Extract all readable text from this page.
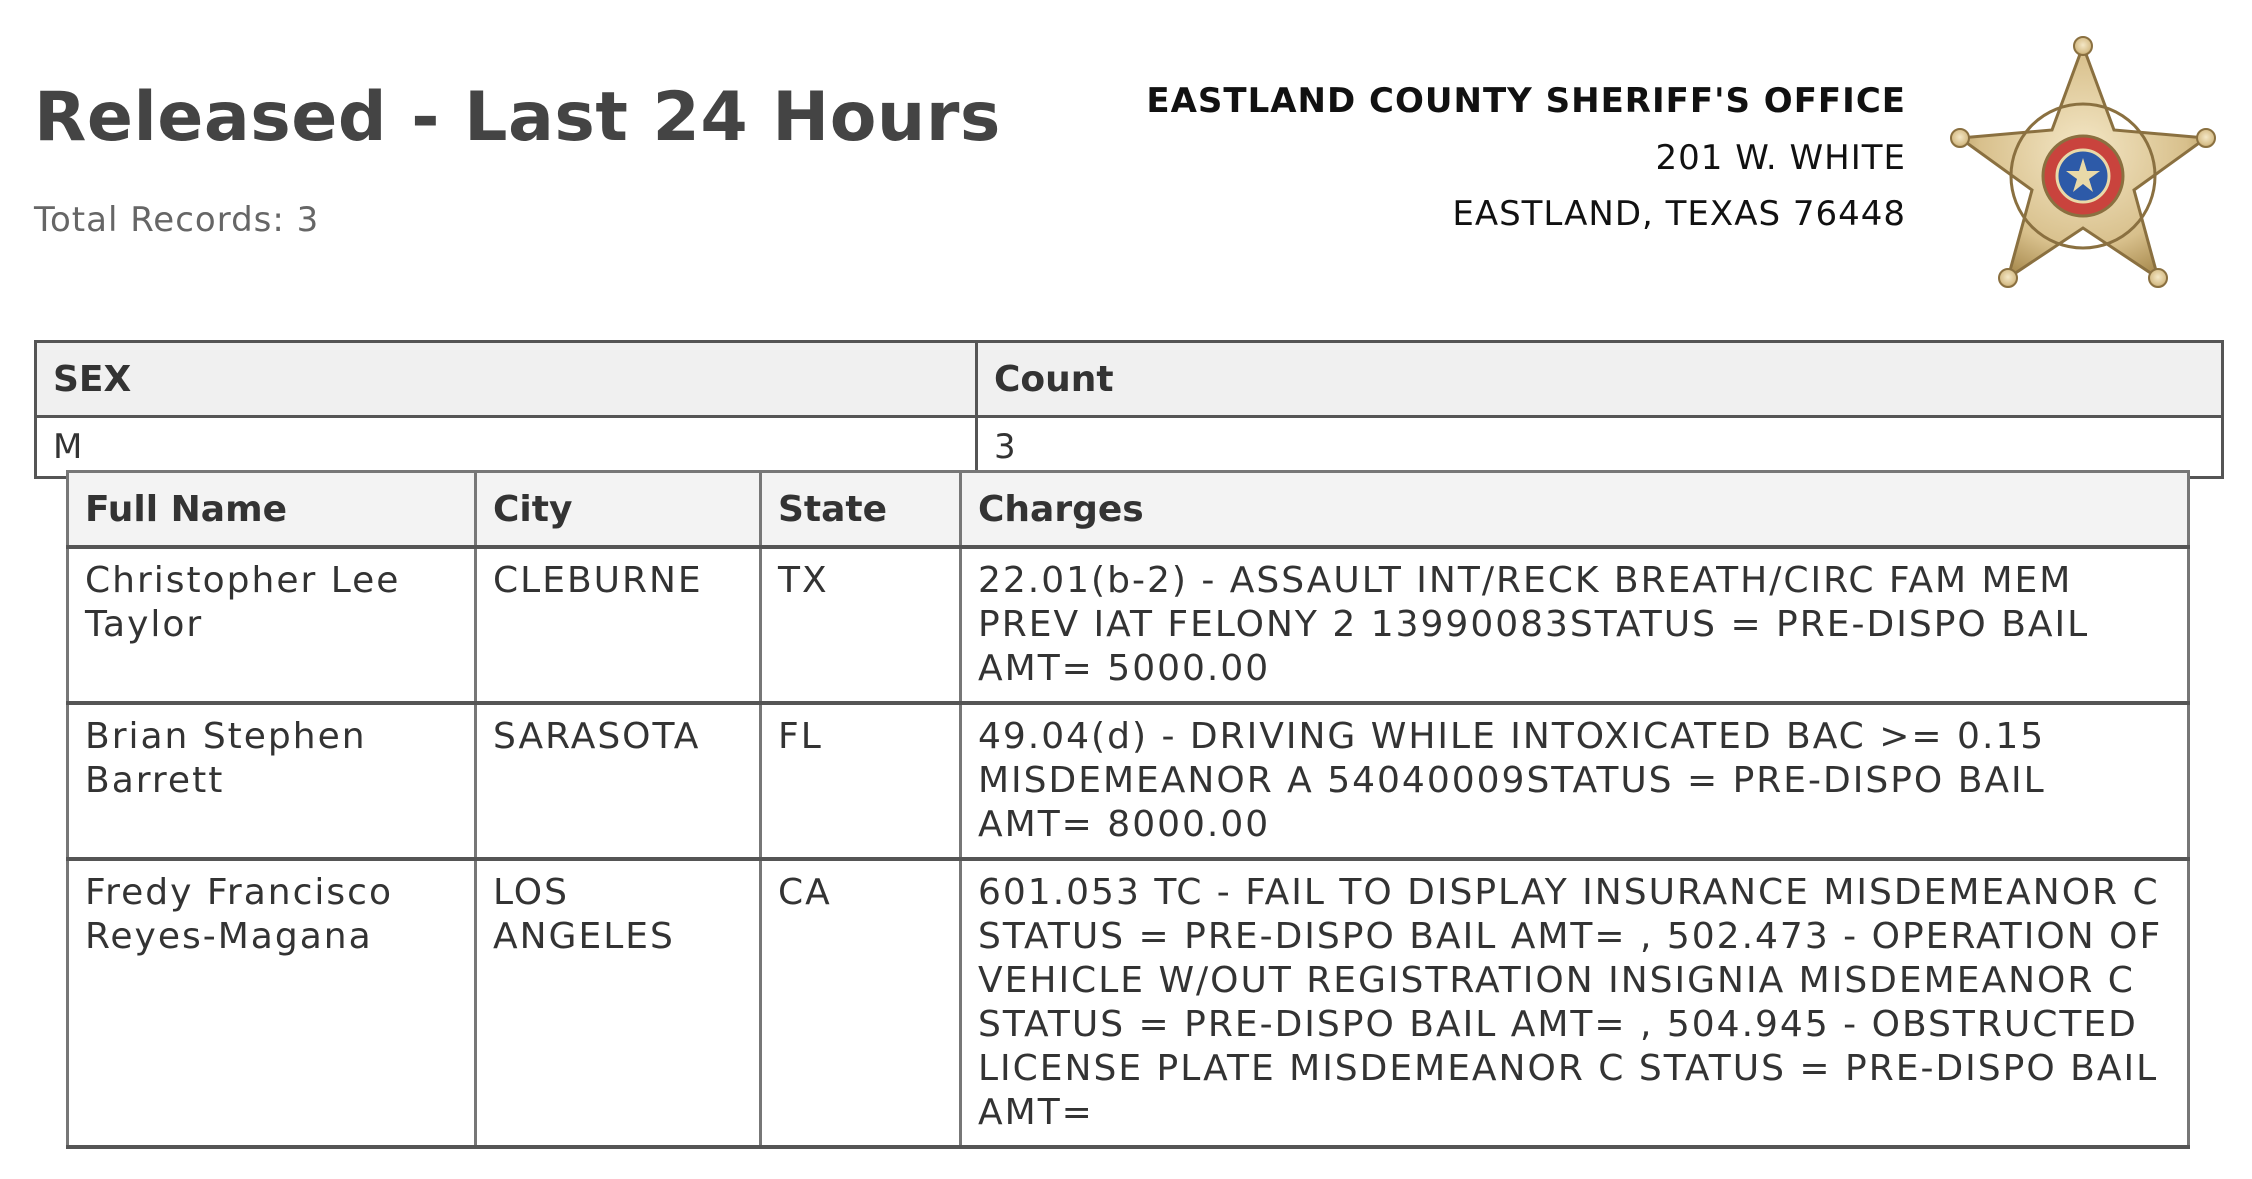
Released - Last 24 Hours
Total Records: 3
EASTLAND COUNTY SHERIFF'S OFFICE
201 W. WHITE
EASTLAND, TEXAS 76448
SEX	Count
M	3
Full Name	City	State	Charges
Christopher Lee Taylor	CLEBURNE	TX	22.01(b-2) - ASSAULT INT/RECK BREATH/CIRC FAM MEM PREV IAT FELONY 2 13990083STATUS = PRE-DISPO BAIL AMT= 5000.00
Brian Stephen Barrett	SARASOTA	FL	49.04(d) - DRIVING WHILE INTOXICATED BAC >= 0.15 MISDEMEANOR A 54040009STATUS = PRE-DISPO BAIL AMT= 8000.00
Fredy Francisco Reyes-Magana	LOS ANGELES	CA	601.053 TC - FAIL TO DISPLAY INSURANCE MISDEMEANOR C STATUS = PRE-DISPO BAIL AMT= , 502.473 - OPERATION OF VEHICLE W/OUT REGISTRATION INSIGNIA MISDEMEANOR C STATUS = PRE-DISPO BAIL AMT= , 504.945 - OBSTRUCTED LICENSE PLATE MISDEMEANOR C STATUS = PRE-DISPO BAIL AMT=
